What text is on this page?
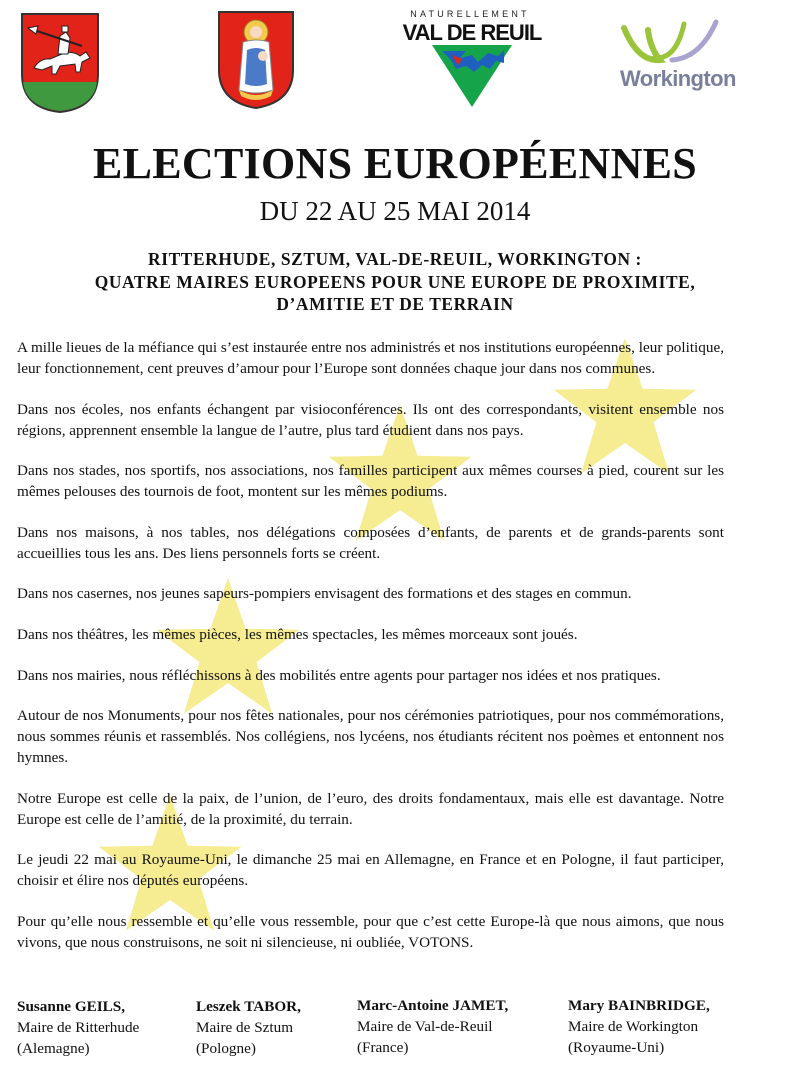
NATURELLEMENT
VAL DE REUIL
Workington
ELECTIONS EUROPÉENNES
DU 22 AU 25 MAI 2014
RITTERHUDE, SZTUM, VAL-DE-REUIL, WORKINGTON :
QUATRE MAIRES EUROPEENS POUR UNE EUROPE DE PROXIMITE,
D’AMITIE ET DE TERRAIN

A mille lieues de la méfiance qui s’est instaurée entre nos administrés et nos institutions européennes, leur politique, leur fonctionnement, cent preuves d’amour pour l’Europe sont données chaque jour dans nos communes.

Dans nos écoles, nos enfants échangent par visioconférences. Ils ont des correspondants, visitent ensemble nos régions, apprennent ensemble la langue de l’autre, plus tard étudient dans nos pays.

Dans nos stades, nos sportifs, nos associations, nos familles participent aux mêmes courses à pied, courent sur les mêmes pelouses des tournois de foot, montent sur les mêmes podiums.

Dans nos maisons, à nos tables, nos délégations composées d’enfants, de parents et de grands-parents sont accueillies tous les ans. Des liens personnels forts se créent.

Dans nos casernes, nos jeunes sapeurs-pompiers envisagent des formations et des stages en commun.

Dans nos théâtres, les mêmes pièces, les mêmes spectacles, les mêmes morceaux sont joués.

Dans nos mairies, nous réfléchissons à des mobilités entre agents pour partager nos idées et nos pratiques.

Autour de nos Monuments, pour nos fêtes nationales, pour nos cérémonies patriotiques, pour nos commémorations, nous sommes réunis et rassemblés. Nos collégiens, nos lycéens, nos étudiants récitent nos poèmes et entonnent nos hymnes.

Notre Europe est celle de la paix, de l’union, de l’euro, des droits fondamentaux, mais elle est davantage. Notre Europe est celle de l’amitié, de la proximité, du terrain.

Le jeudi 22 mai au Royaume-Uni, le dimanche 25 mai en Allemagne, en France et en Pologne, il faut participer, choisir et élire nos députés européens.

Pour qu’elle nous ressemble et qu’elle vous ressemble, pour que c’est cette Europe-là que nous aimons, que nous vivons, que nous construisons, ne soit ni silencieuse, ni oubliée, VOTONS.

Susanne GEILS,
Maire de Ritterhude
(Alemagne)
Leszek TABOR,
Maire de Sztum
(Pologne)
Marc-Antoine JAMET,
Maire de Val-de-Reuil
(France)
Mary BAINBRIDGE,
Maire de Workington
(Royaume-Uni)
